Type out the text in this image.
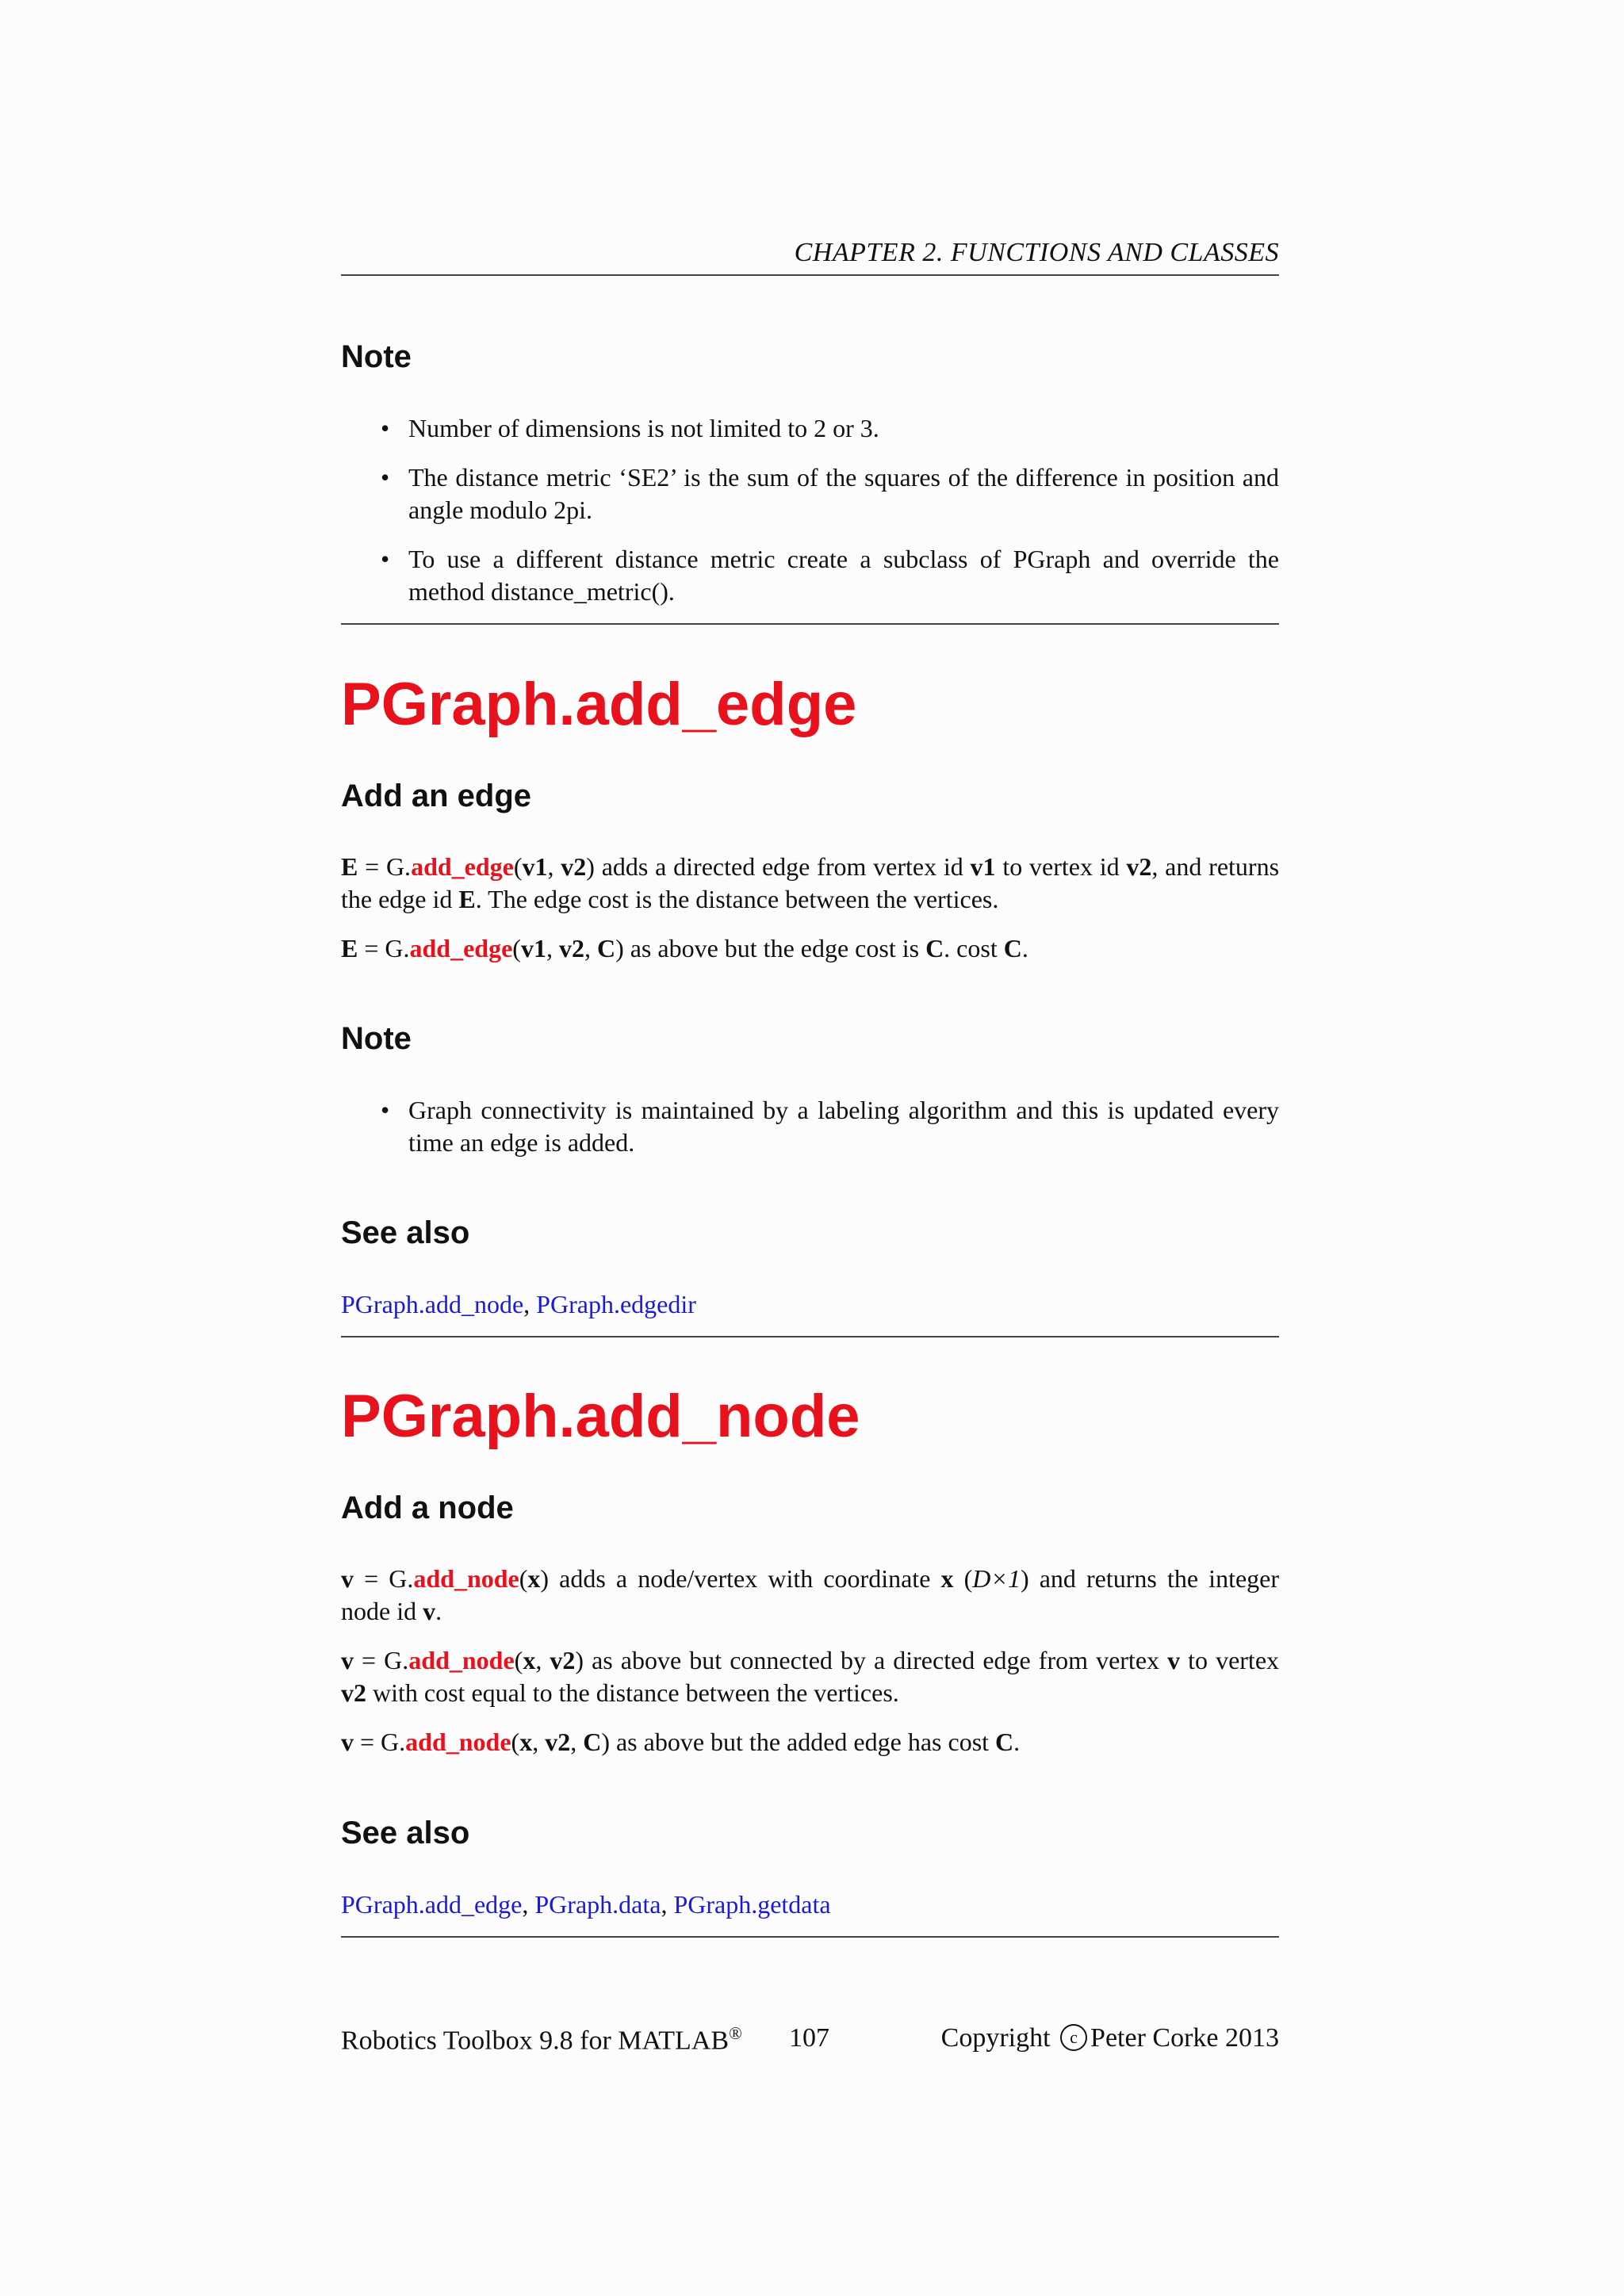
CHAPTER 2. FUNCTIONS AND CLASSES
Note
• Number of dimensions is not limited to 2 or 3.
• The distance metric ‘SE2’ is the sum of the squares of the difference in position and angle modulo 2pi.
• To use a different distance metric create a subclass of PGraph and override the method distance_metric().
PGraph.add_edge
Add an edge
E = G.add_edge(v1, v2) adds a directed edge from vertex id v1 to vertex id v2, and returns the edge id E. The edge cost is the distance between the vertices.
E = G.add_edge(v1, v2, C) as above but the edge cost is C. cost C.
Note
• Graph connectivity is maintained by a labeling algorithm and this is updated every time an edge is added.
See also
PGraph.add_node, PGraph.edgedir
PGraph.add_node
Add a node
v = G.add_node(x) adds a node/vertex with coordinate x (D×1) and returns the integer node id v.
v = G.add_node(x, v2) as above but connected by a directed edge from vertex v to vertex v2 with cost equal to the distance between the vertices.
v = G.add_node(x, v2, C) as above but the added edge has cost C.
See also
PGraph.add_edge, PGraph.data, PGraph.getdata
Robotics Toolbox 9.8 for MATLAB® 107	Copyright c Peter Corke 2013
